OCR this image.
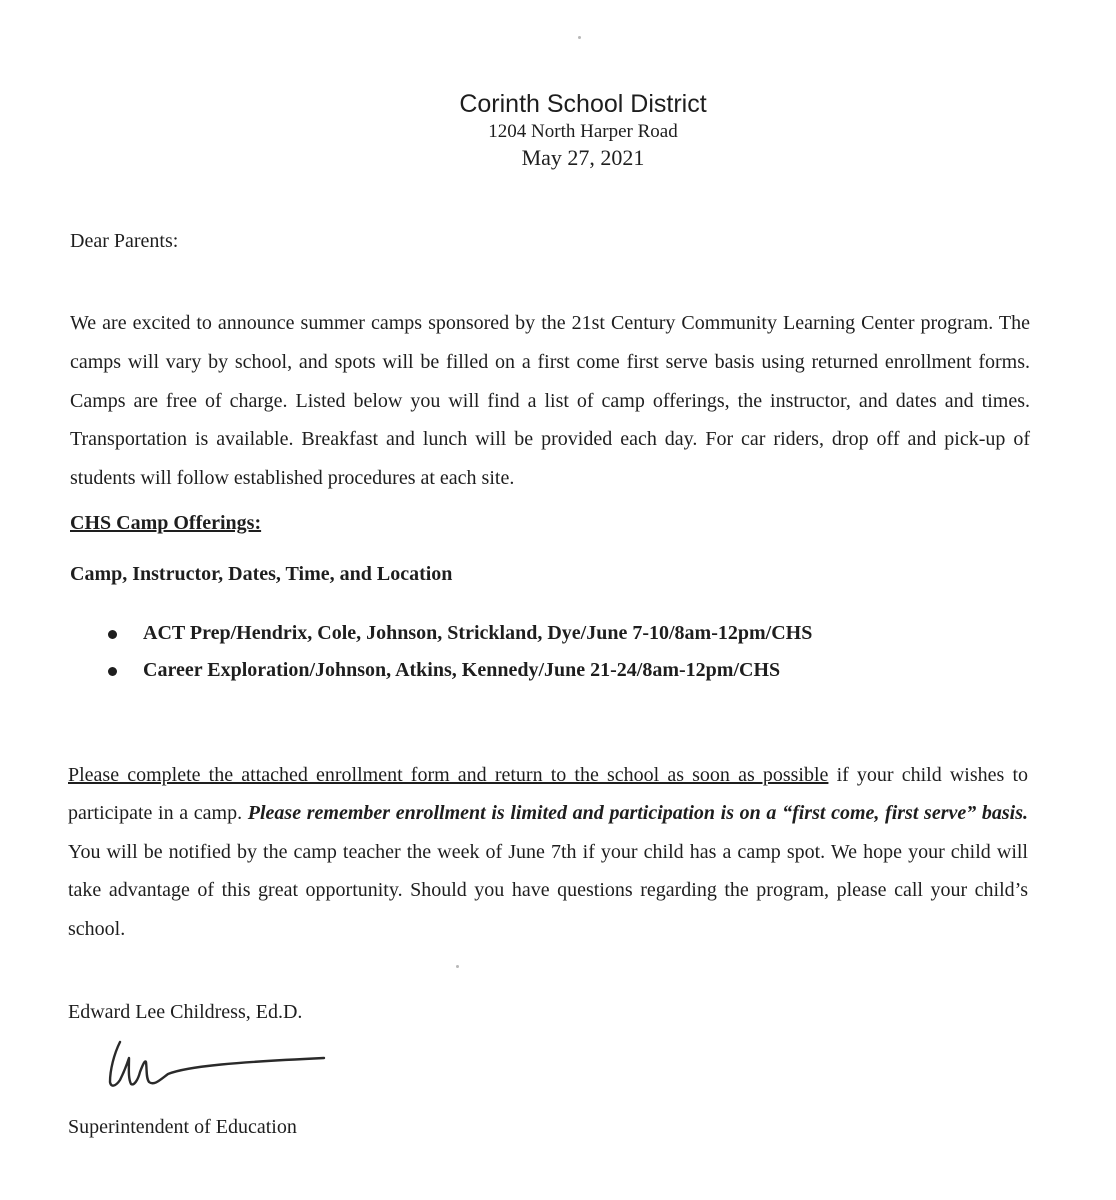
Corinth School District
1204 North Harper Road
May 27, 2021
Dear Parents:
We are excited to announce summer camps sponsored by the 21st Century Community Learning Center program. The camps will vary by school, and spots will be filled on a first come first serve basis using returned enrollment forms. Camps are free of charge. Listed below you will find a list of camp offerings, the instructor, and dates and times. Transportation is available. Breakfast and lunch will be provided each day. For car riders, drop off and pick-up of students will follow established procedures at each site.
CHS Camp Offerings:
Camp, Instructor, Dates, Time, and Location
ACT Prep/Hendrix, Cole, Johnson, Strickland, Dye/June 7-10/8am-12pm/CHS
Career Exploration/Johnson, Atkins, Kennedy/June 21-24/8am-12pm/CHS
Please complete the attached enrollment form and return to the school as soon as possible if your child wishes to participate in a camp. Please remember enrollment is limited and participation is on a “first come, first serve” basis. You will be notified by the camp teacher the week of June 7th if your child has a camp spot. We hope your child will take advantage of this great opportunity. Should you have questions regarding the program, please call your child’s school.
Edward Lee Childress, Ed.D.
Superintendent of Education
